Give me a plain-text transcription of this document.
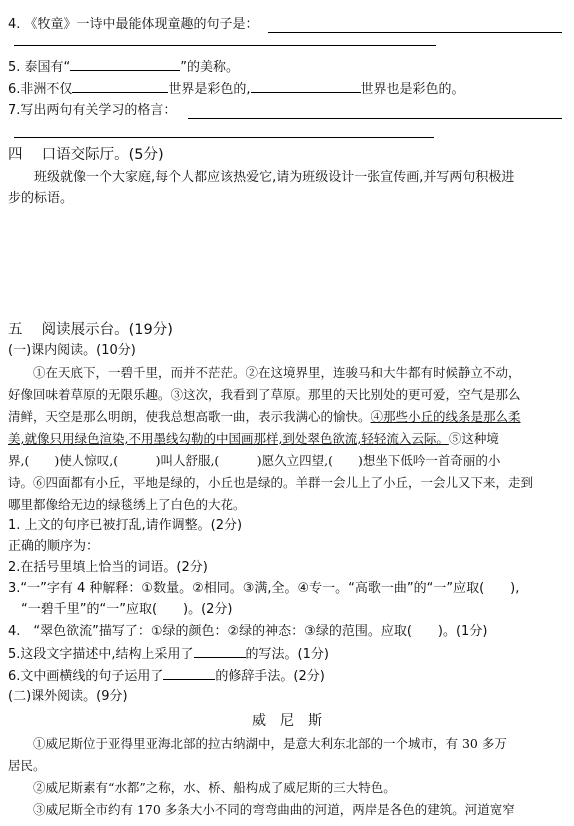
4. 《牧童》一诗中最能体现童趣的句子是：
5. 泰国有“	”的美称。
6.非洲不仅	世界是彩色的,	世界也是彩色的。
7.写出两句有关学习的格言：
四　 口语交际厅。(5分)
　　班级就像一个大家庭,每个人都应该热爱它,请为班级设计一张宣传画,并写两句积极进
步的标语。
五　 阅读展示台。(19分)
(一)课内阅读。(10分)
　　①在天底下，一碧千里，而并不茫茫。②在这境界里，连骏马和大牛都有时候静立不动，
好像回味着草原的无限乐趣。③这次，我看到了草原。那里的天比别处的更可爱，空气是那么
清鲜，天空是那么明朗，使我总想高歌一曲，表示我满心的愉快。④那些小丘的线条是那么柔
美,就像只用绿色渲染,不用墨线勾勒的中国画那样,到处翠色欲流,轻轻流入云际。⑤这种境
界,(　　)使人惊叹,(　　　)叫人舒服,(　　　)愿久立四望,(　　)想坐下低吟一首奇丽的小
诗。⑥四面都有小丘，平地是绿的，小丘也是绿的。羊群一会儿上了小丘，一会儿又下来，走到
哪里都像给无边的绿毯绣上了白色的大花。
1. 上文的句序已被打乱,请作调整。(2分)
正确的顺序为：
2.在括号里填上恰当的词语。(2分)
3.“一”字有 4 种解释：①数量。②相同。③满,全。④专一。“高歌一曲”的“一”应取(　　),
　“一碧千里”的“一”应取(　　)。(2分)
4.　“翠色欲流”描写了：①绿的颜色：②绿的神态：③绿的范围。应取(　　)。(1分)
5.这段文字描述中,结构上采用了	的写法。(1分)
6.文中画横线的句子运用了	的修辞手法。(2分)
(二)课外阅读。(9分)
威　尼　斯
　　①威尼斯位于亚得里亚海北部的拉古纳湖中，是意大利东北部的一个城市，有 30 多万
居民。
　　②威尼斯素有“水都”之称，水、桥、船构成了威尼斯的三大特色。
　　③威尼斯全市约有 170 多条大小不同的弯弯曲曲的河道，两岸是各色的建筑。河道宽窄
